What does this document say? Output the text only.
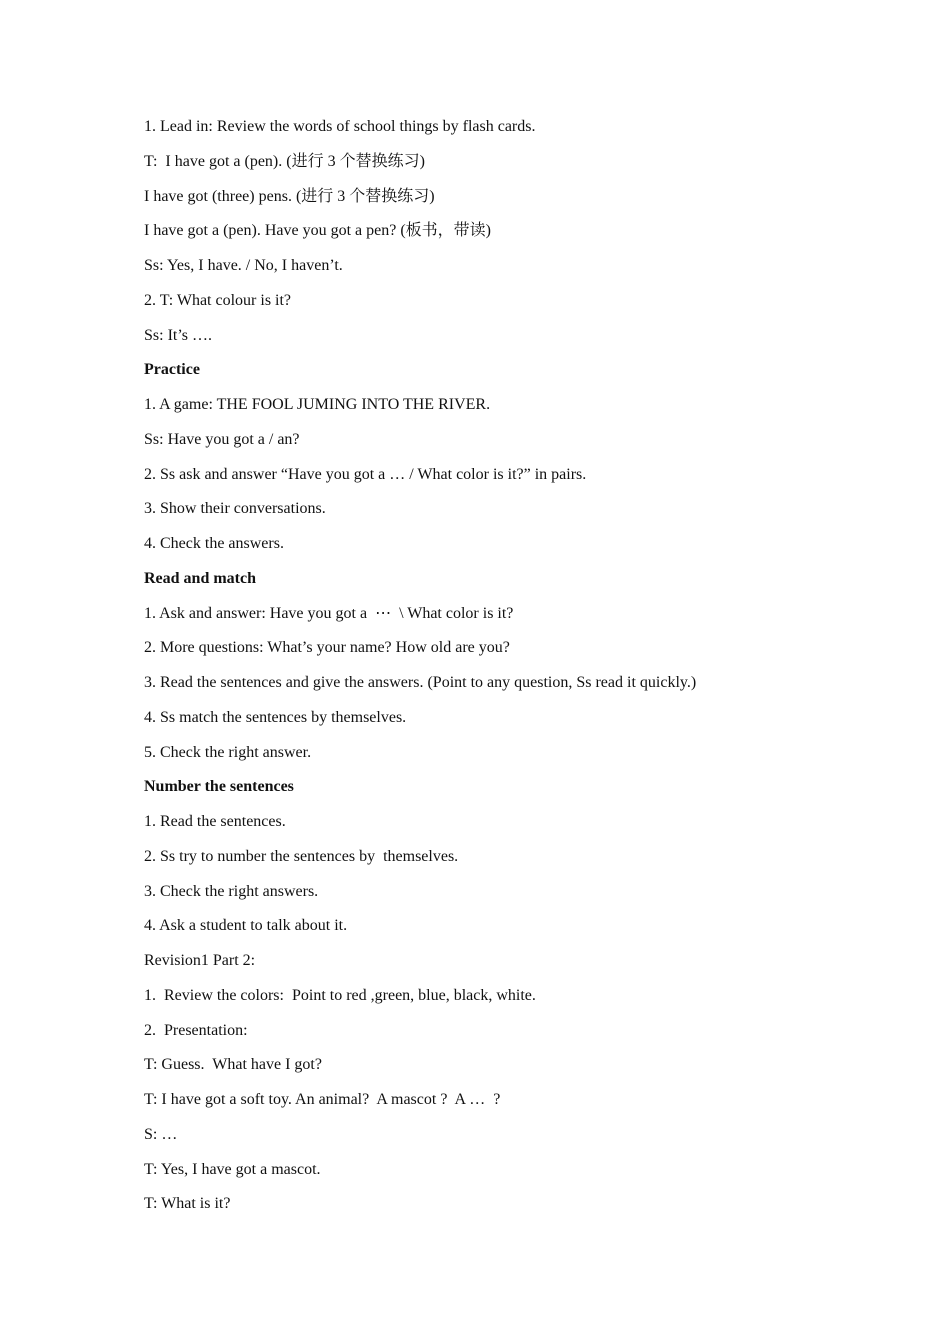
1. Lead in: Review the words of school things by flash cards.
T:  I have got a (pen). (进行 3 个替换练习)
I have got (three) pens. (进行 3 个替换练习)
I have got a (pen). Have you got a pen? (板书，带读)
Ss: Yes, I have. / No, I haven’t.
2. T: What colour is it?
Ss: It’s ….
Practice
1. A game: THE FOOL JUMING INTO THE RIVER.
Ss: Have you got a / an?
2. Ss ask and answer “Have you got a … / What color is it?” in pairs.
3. Show their conversations.
4. Check the answers.
Read and match
1. Ask and answer: Have you got a  ⋯  \ What color is it?
2. More questions: What’s your name? How old are you?
3. Read the sentences and give the answers. (Point to any question, Ss read it quickly.)
4. Ss match the sentences by themselves.
5. Check the right answer.
Number the sentences
1. Read the sentences.
2. Ss try to number the sentences by  themselves.
3. Check the right answers.
4. Ask a student to talk about it.
Revision1 Part 2:
1.  Review the colors:  Point to red ,green, blue, black, white.
2.  Presentation:
T: Guess.  What have I got?
T: I have got a soft toy. An animal?  A mascot ?  A …  ?
S: …
T: Yes, I have got a mascot.
T: What is it?
